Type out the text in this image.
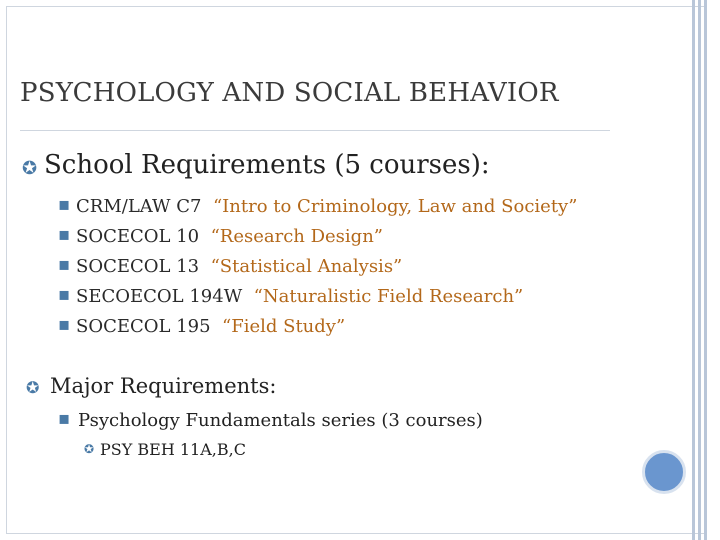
PSYCHOLOGY AND SOCIAL BEHAVIOR
✪ School Requirements (5 courses):
▪ CRM/LAW C7 “Intro to Criminology, Law and Society”
▪ SOCECOL 10 “Research Design”
▪ SOCECOL 13 “Statistical Analysis”
▪ SECOECOL 194W “Naturalistic Field Research”
▪ SOCECOL 195 “Field Study”
✪ Major Requirements:
▪ Psychology Fundamentals series (3 courses)
✪ PSY BEH 11A,B,C
